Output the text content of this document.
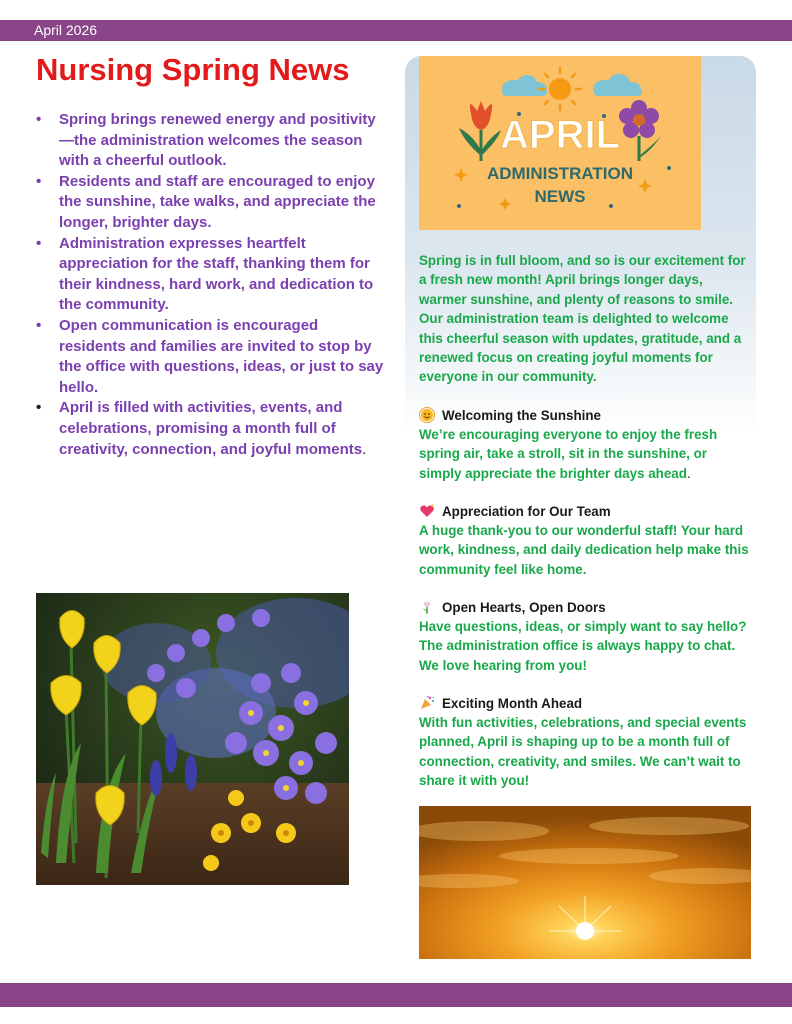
April 2026
Nursing Spring News
• Spring brings renewed energy and positivity—the administration welcomes the season with a cheerful outlook.
• Residents and staff are encouraged to enjoy the sunshine, take walks, and appreciate the longer, brighter days.
• Administration expresses heartfelt appreciation for the staff, thanking them for their kindness, hard work, and dedication to the community.
• Open communication is encouraged residents and families are invited to stop by the office with questions, ideas, or just to say hello.
• April is filled with activities, events, and celebrations, promising a month full of creativity, connection, and joyful moments.
APRIL
ADMINISTRATION
NEWS

Spring is in full bloom, and so is our excitement for a fresh new month! April brings longer days, warmer sunshine, and plenty of reasons to smile. Our administration team is delighted to welcome this cheerful season with updates, gratitude, and a renewed focus on creating joyful moments for everyone in our community.

Welcoming the Sunshine

We’re encouraging everyone to enjoy the fresh spring air, take a stroll, sit in the sunshine, or simply appreciate the brighter days ahead.

Appreciation for Our Team

A huge thank-you to our wonderful staff! Your hard work, kindness, and daily dedication help make this community feel like home.

Open Hearts, Open Doors

Have questions, ideas, or simply want to say hello? The administration office is always happy to chat. We love hearing from you!

Exciting Month Ahead

With fun activities, celebrations, and special events planned, April is shaping up to be a month full of connection, creativity, and smiles. We can’t wait to share it with you!
